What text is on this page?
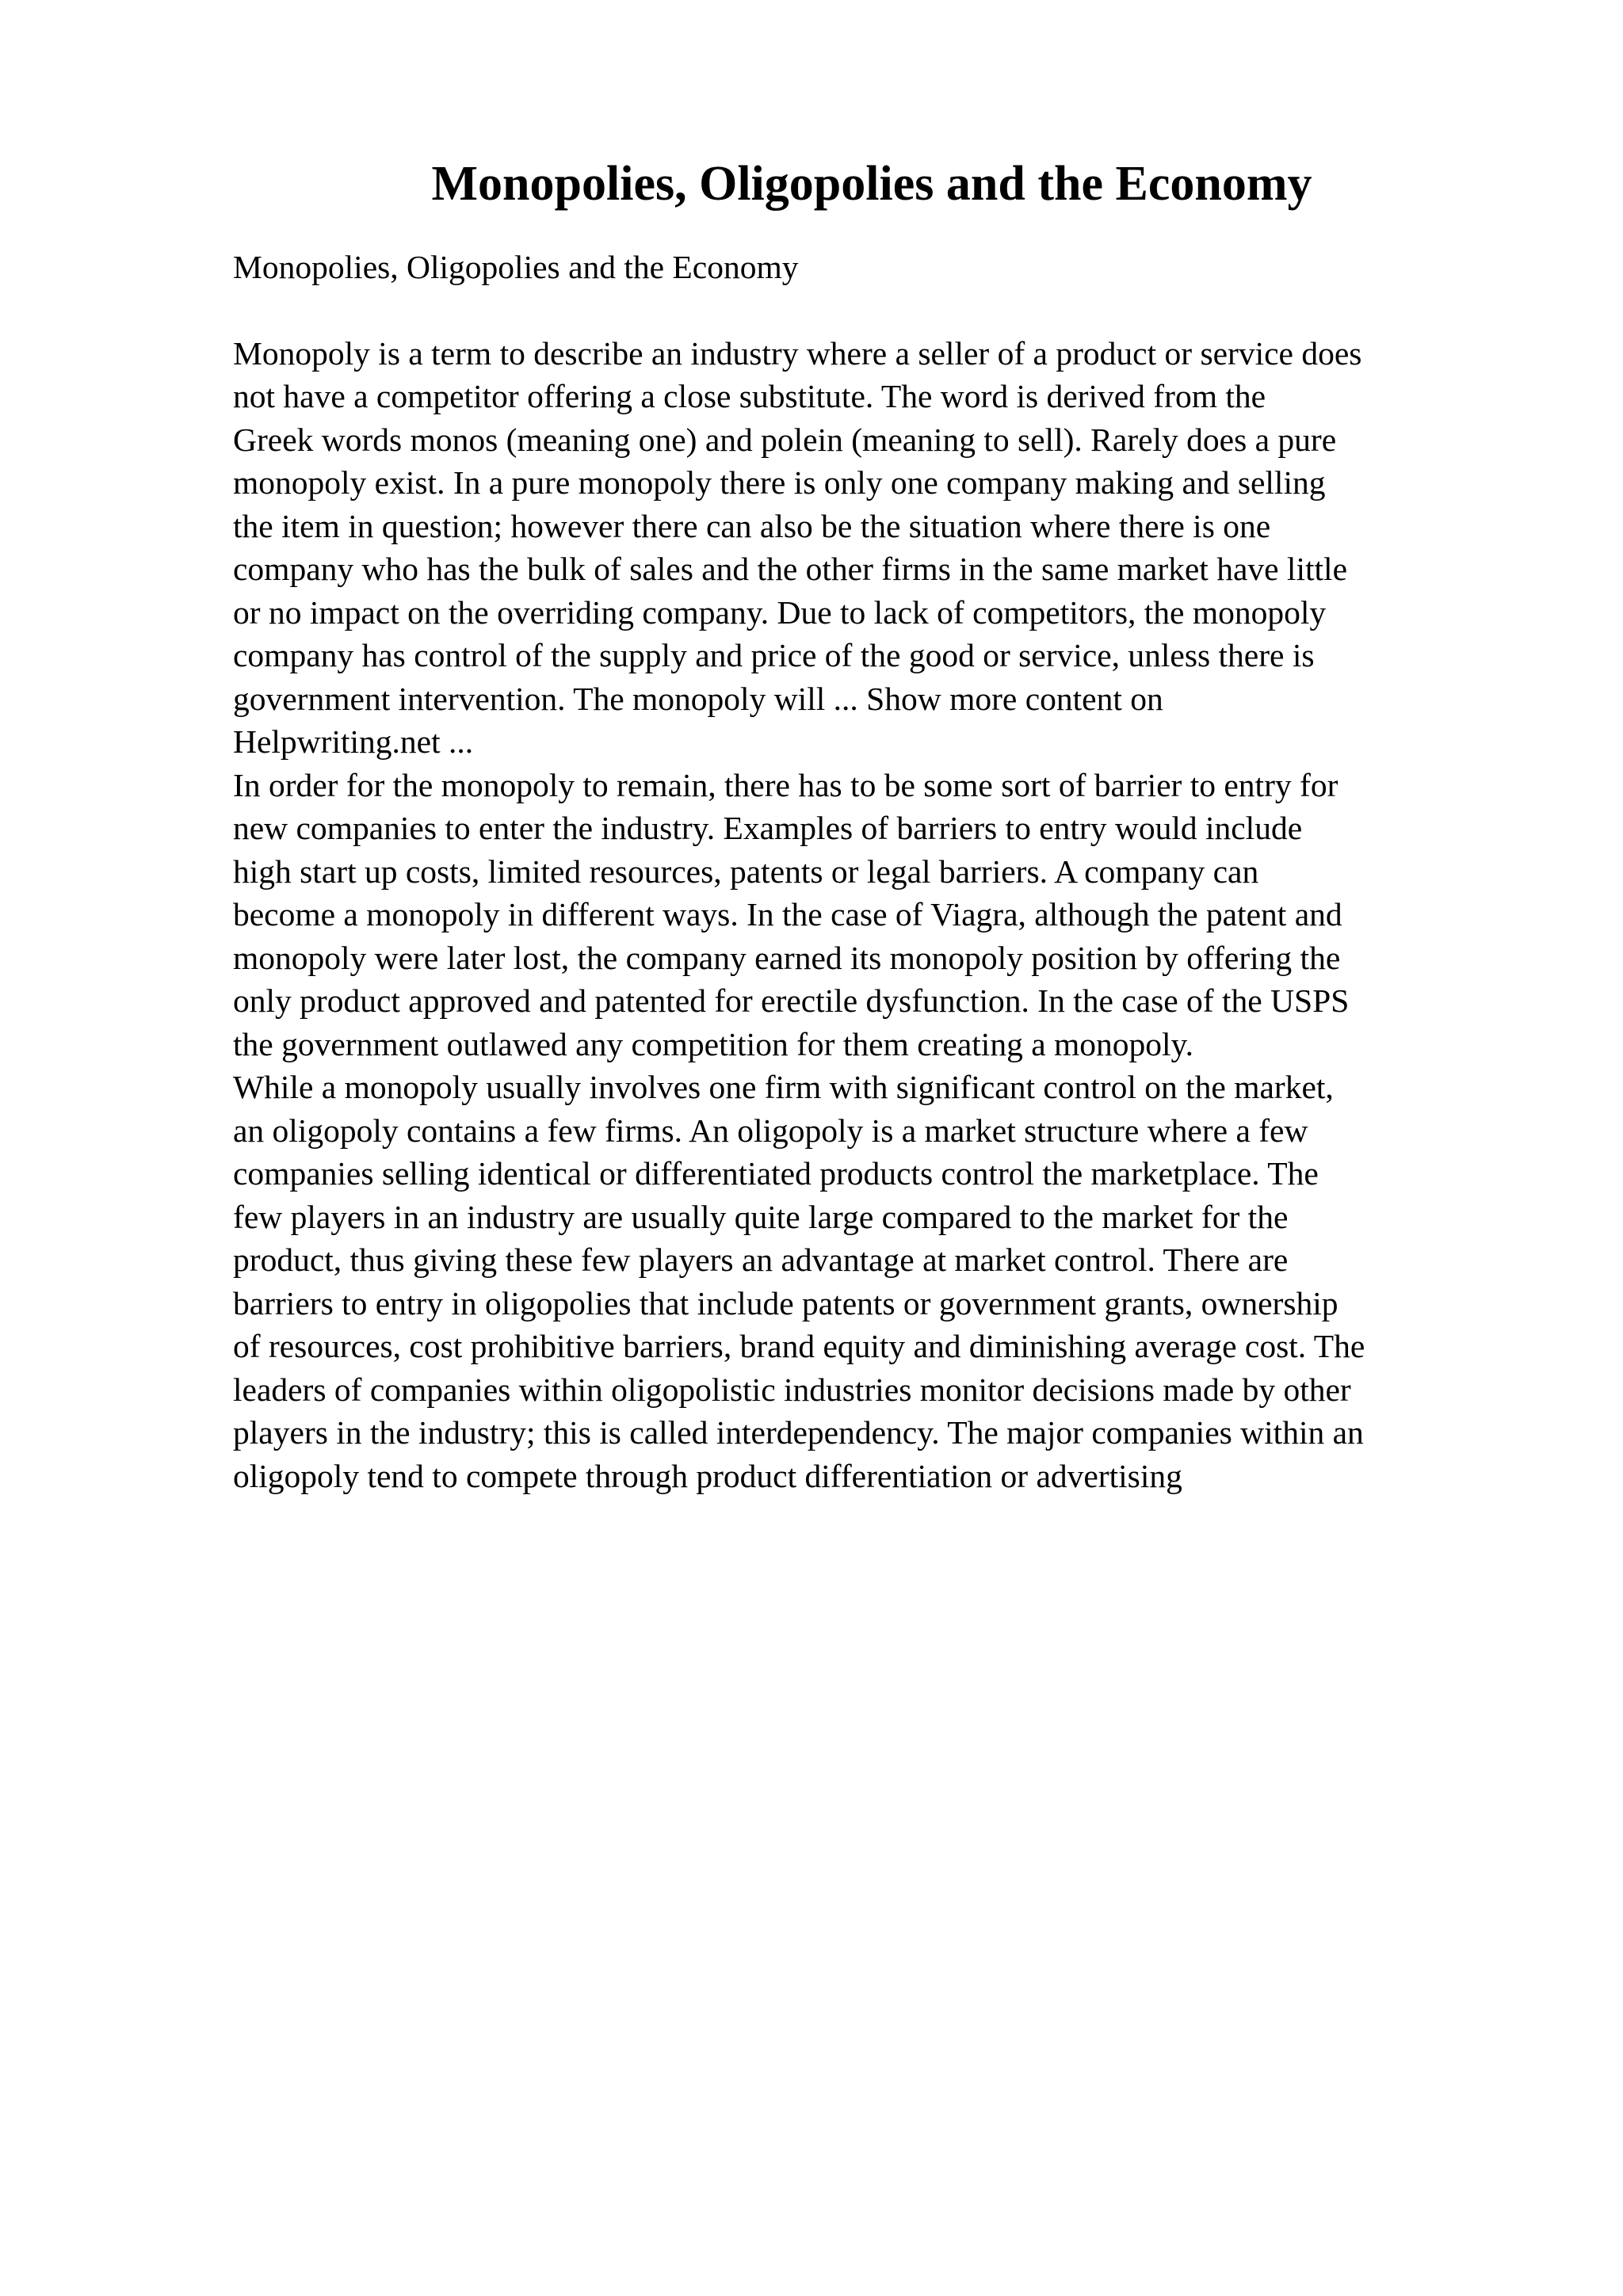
Monopolies, Oligopolies and the Economy

Monopolies, Oligopolies and the Economy

Monopoly is a term to describe an industry where a seller of a product or service does
not have a competitor offering a close substitute. The word is derived from the
Greek words monos (meaning one) and polein (meaning to sell). Rarely does a pure
monopoly exist. In a pure monopoly there is only one company making and selling
the item in question; however there can also be the situation where there is one
company who has the bulk of sales and the other firms in the same market have little
or no impact on the overriding company. Due to lack of competitors, the monopoly
company has control of the supply and price of the good or service, unless there is
government intervention. The monopoly will ... Show more content on
Helpwriting.net ...

In order for the monopoly to remain, there has to be some sort of barrier to entry for
new companies to enter the industry. Examples of barriers to entry would include
high start up costs, limited resources, patents or legal barriers. A company can
become a monopoly in different ways. In the case of Viagra, although the patent and
monopoly were later lost, the company earned its monopoly position by offering the
only product approved and patented for erectile dysfunction. In the case of the USPS
the government outlawed any competition for them creating a monopoly.

While a monopoly usually involves one firm with significant control on the market,
an oligopoly contains a few firms. An oligopoly is a market structure where a few
companies selling identical or differentiated products control the marketplace. The
few players in an industry are usually quite large compared to the market for the
product, thus giving these few players an advantage at market control. There are
barriers to entry in oligopolies that include patents or government grants, ownership
of resources, cost prohibitive barriers, brand equity and diminishing average cost. The
leaders of companies within oligopolistic industries monitor decisions made by other
players in the industry; this is called interdependency. The major companies within an
oligopoly tend to compete through product differentiation or advertising
